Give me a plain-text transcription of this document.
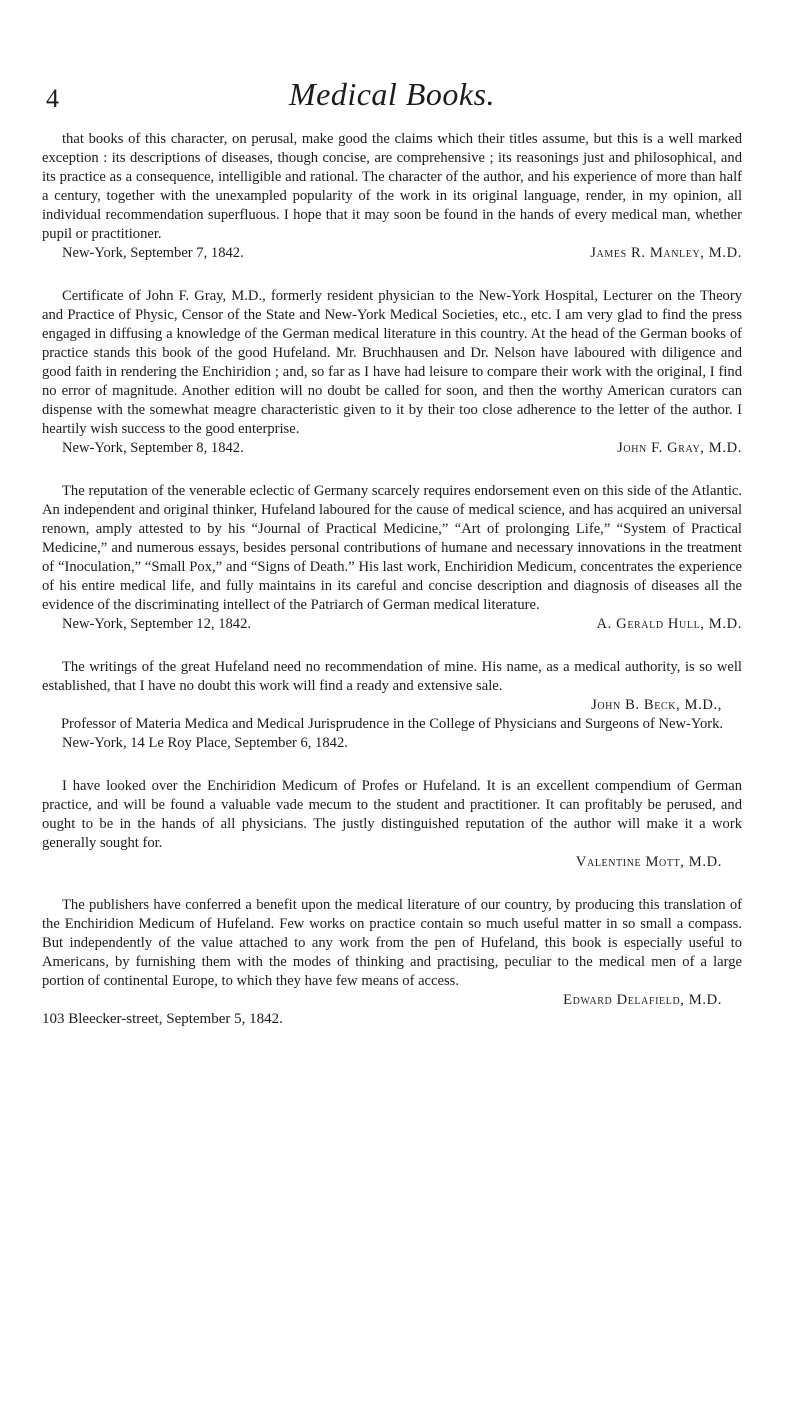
4	Medical Books.

that books of this character, on perusal, make good the claims which their titles assume, but this is a well marked exception : its descriptions of diseases, though concise, are comprehensive ; its reasonings just and philosophical, and its practice as a consequence, intelligible and rational. The character of the author, and his experience of more than half a century, together with the unexampled popularity of the work in its original language, render, in my opinion, all individual recommendation superfluous. I hope that it may soon be found in the hands of every medical man, whether pupil or practitioner.

New-York, September 7, 1842.	James R. Manley, M.D.

Certificate of John F. Gray, M.D., formerly resident physician to the New-York Hospital, Lecturer on the Theory and Practice of Physic, Censor of the State and New-York Medical Societies, etc., etc. I am very glad to find the press engaged in diffusing a knowledge of the German medical literature in this country. At the head of the German books of practice stands this book of the good Hufeland. Mr. Bruchhausen and Dr. Nelson have laboured with diligence and good faith in rendering the Enchiridion ; and, so far as I have had leisure to compare their work with the original, I find no error of magnitude. Another edition will no doubt be called for soon, and then the worthy American curators can dispense with the somewhat meagre characteristic given to it by their too close adherence to the letter of the author. I heartily wish success to the good enterprise.

New-York, September 8, 1842.	John F. Gray, M.D.

The reputation of the venerable eclectic of Germany scarcely requires endorsement even on this side of the Atlantic. An independent and original thinker, Hufeland laboured for the cause of medical science, and has acquired an universal renown, amply attested to by his “Journal of Practical Medicine,” “Art of prolonging Life,” “System of Practical Medicine,” and numerous essays, besides personal contributions of humane and necessary innovations in the treatment of “Inoculation,” “Small Pox,” and “Signs of Death.” His last work, Enchiridion Medicum, concentrates the experience of his entire medical life, and fully maintains in its careful and concise description and diagnosis of diseases all the evidence of the discriminating intellect of the Patriarch of German medical literature.

New-York, September 12, 1842.	A. Gerald Hull, M.D.

The writings of the great Hufeland need no recommendation of mine. His name, as a medical authority, is so well established, that I have no doubt this work will find a ready and extensive sale.

John B. Beck, M.D.,

Professor of Materia Medica and Medical Jurisprudence in the College of Physicians and Surgeons of New-York.

New-York, 14 Le Roy Place, September 6, 1842.

I have looked over the Enchiridion Medicum of Profes or Hufeland. It is an excellent compendium of German practice, and will be found a valuable vade mecum to the student and practitioner. It can profitably be perused, and ought to be in the hands of all physicians. The justly distinguished reputation of the author will make it a work generally sought for.

Valentine Mott, M.D.

The publishers have conferred a benefit upon the medical literature of our country, by producing this translation of the Enchiridion Medicum of Hufeland. Few works on practice contain so much useful matter in so small a compass. But independently of the value attached to any work from the pen of Hufeland, this book is especially useful to Americans, by furnishing them with the modes of thinking and practising, peculiar to the medical men of a large portion of continental Europe, to which they have few means of access.

Edward Delafield, M.D.

103 Bleecker-street, September 5, 1842.
